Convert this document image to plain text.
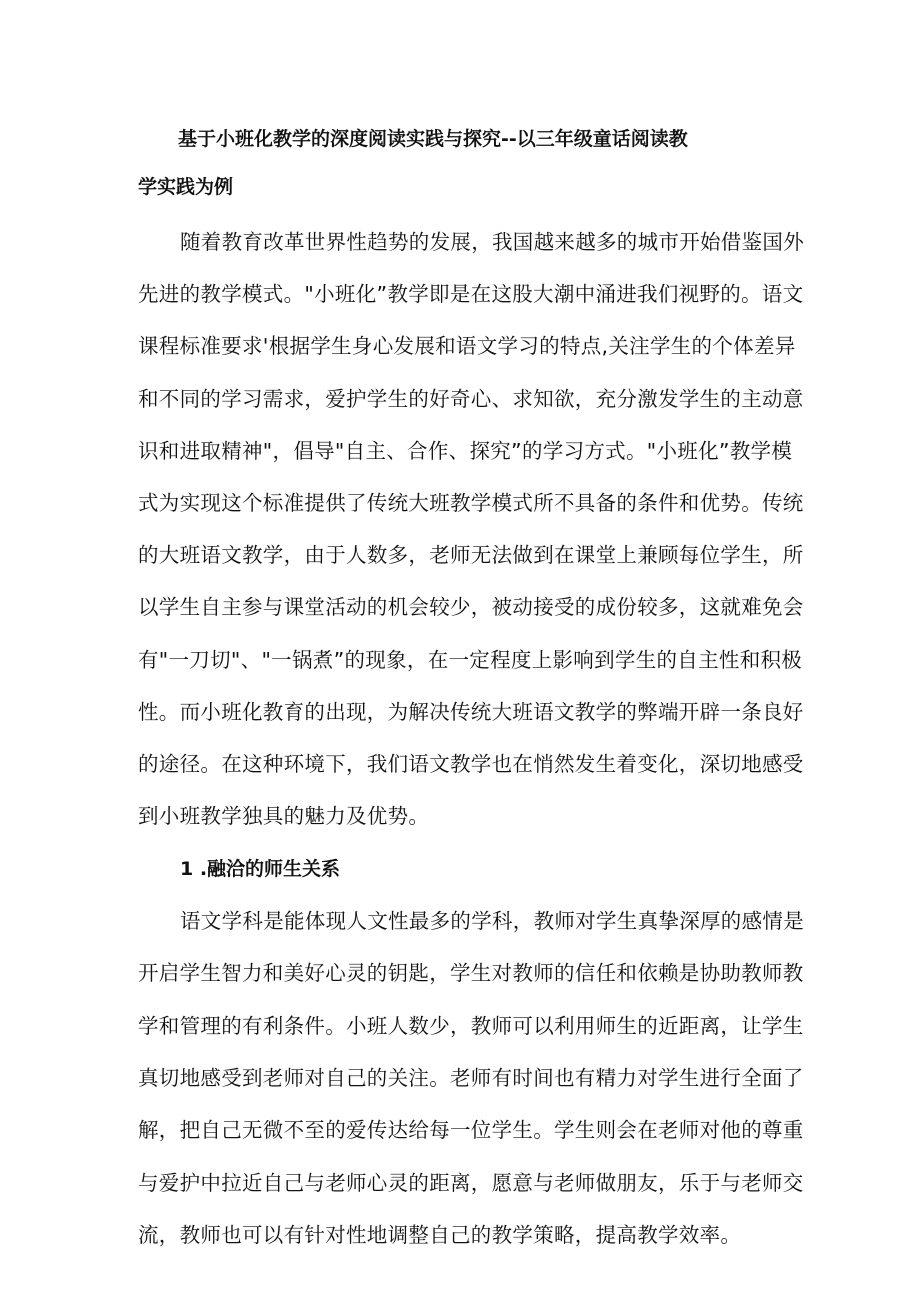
基于小班化教学的深度阅读实践与探究--以三年级童话阅读教

学实践为例

随着教育改革世界性趋势的发展，我国越来越多的城市开始借鉴国外

先进的教学模式。"小班化”教学即是在这股大潮中涌进我们视野的。语文

课程标准要求'根据学生身心发展和语文学习的特点,关注学生的个体差异

和不同的学习需求，爱护学生的好奇心、求知欲，充分激发学生的主动意

识和进取精神"，倡导"自主、合作、探究”的学习方式。"小班化”教学模

式为实现这个标准提供了传统大班教学模式所不具备的条件和优势。传统

的大班语文教学，由于人数多，老师无法做到在课堂上兼顾每位学生，所

以学生自主参与课堂活动的机会较少，被动接受的成份较多，这就难免会

有"一刀切"、"一锅煮”的现象，在一定程度上影响到学生的自主性和积极

性。而小班化教育的出现，为解决传统大班语文教学的弊端开辟一条良好

的途径。在这种环境下，我们语文教学也在悄然发生着变化，深切地感受

到小班教学独具的魅力及优势。

1 .融洽的师生关系

语文学科是能体现人文性最多的学科，教师对学生真挚深厚的感情是

开启学生智力和美好心灵的钥匙，学生对教师的信任和依赖是协助教师教

学和管理的有利条件。小班人数少，教师可以利用师生的近距离，让学生

真切地感受到老师对自己的关注。老师有时间也有精力对学生进行全面了

解，把自己无微不至的爱传达给每一位学生。学生则会在老师对他的尊重

与爱护中拉近自己与老师心灵的距离，愿意与老师做朋友，乐于与老师交

流，教师也可以有针对性地调整自己的教学策略，提高教学效率。
